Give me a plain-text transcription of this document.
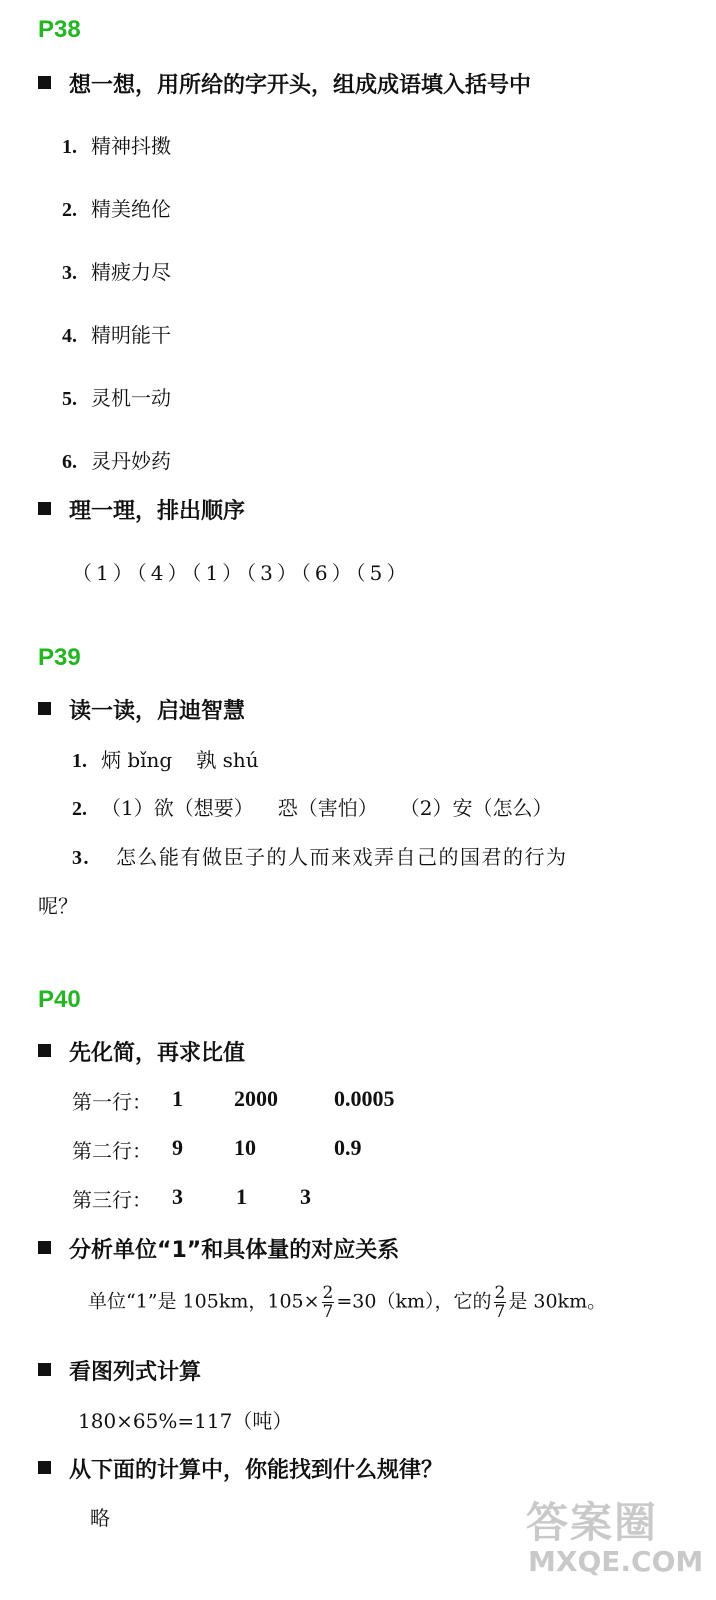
P38
想一想，用所给的字开头，组成成语填入括号中
1. 精神抖擞
2. 精美绝伦
3. 精疲力尽
4. 精明能干
5. 灵机一动
6. 灵丹妙药
理一理，排出顺序
（1）（4）（1）（3）（6）（5）
P39
读一读，启迪智慧
1. 炳 bǐng 孰 shú
2. （1）欲（想要） 恐（害怕） （2）安（怎么）
3. 怎么能有做臣子的人而来戏弄自己的国君的行为
呢？
P40
先化简，再求比值
第一行： 1 2000	0.0005
第二行： 9 10	0.9
第三行： 3 1 3
分析单位“1”和具体量的对应关系
单位“1”是 105km，$105\times \frac{2}{7} =30(km)$，它的 $\frac{2}{7}$ 是 30km。
看图列式计算
180×65%=117（吨）
从下面的计算中，你能找到什么规律？
略	答案圈
MXQE.COM
